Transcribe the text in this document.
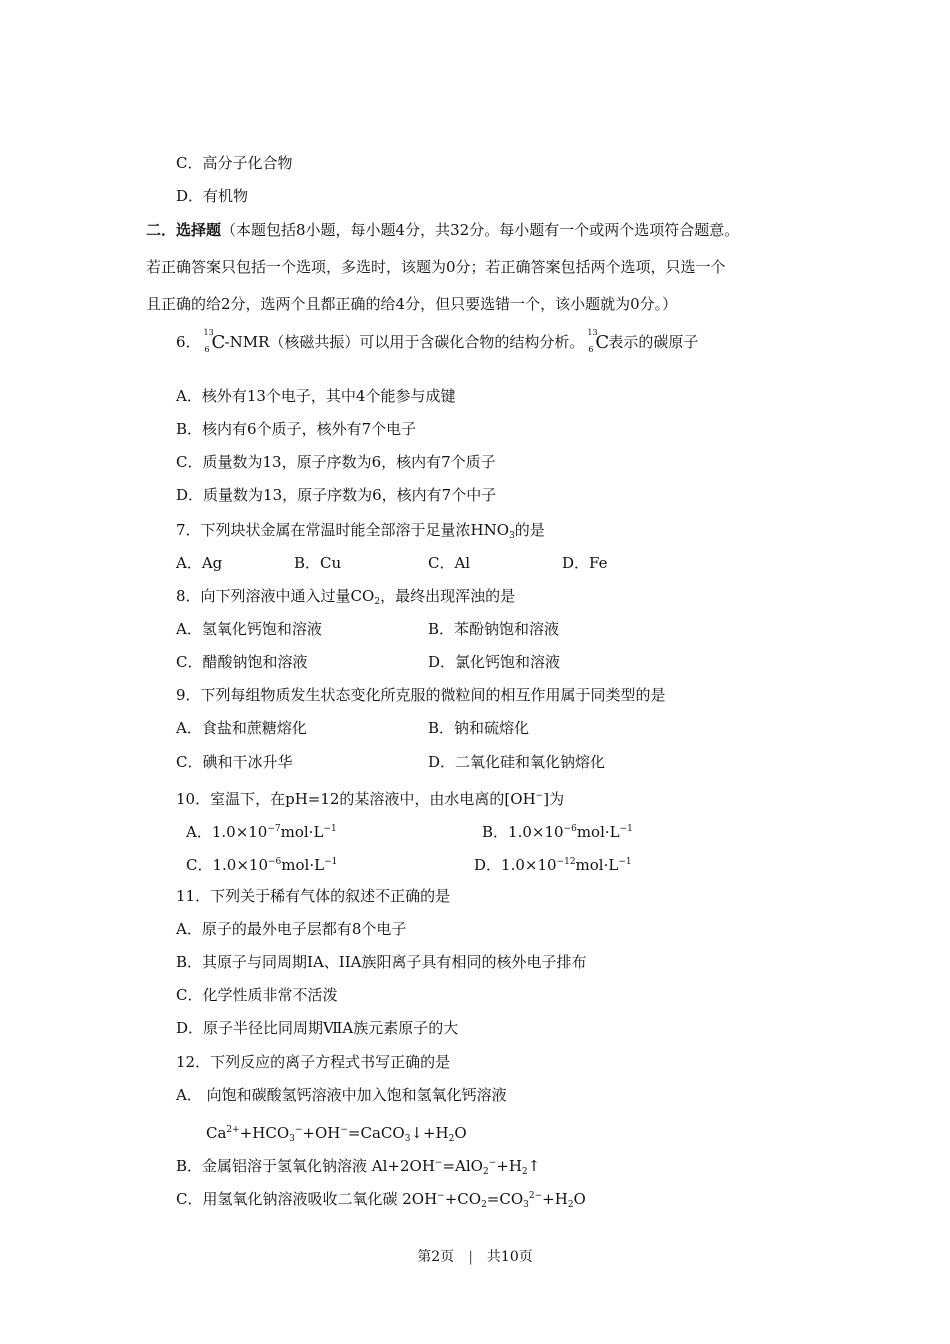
C．高分子化合物
D．有机物
二．选择题（本题包括8小题，每小题4分，共32分。每小题有一个或两个选项符合题意。
若正确答案只包括一个选项，多选时，该题为0分；若正确答案包括两个选项，只选一个
且正确的给2分，选两个且都正确的给4分，但只要选错一个，该小题就为0分。）
6．
13
6 C -NMR（核磁共振）可以用于含碳化合物的结构分析。
13
6 C 表示的碳原子
A．核外有13个电子，其中4个能参与成键
B．核内有6个质子，核外有7个电子
C．质量数为13，原子序数为6，核内有7个质子
D．质量数为13，原子序数为6，核内有7个中子
7．下列块状金属在常温时能全部溶于足量浓$HNO_3$的是
A．Ag	B．Cu	C．Al	D．Fe
8．向下列溶液中通入过量$CO_2$，最终出现浑浊的是
A．氢氧化钙饱和溶液	B．苯酚钠饱和溶液
C．醋酸钠饱和溶液	D．氯化钙饱和溶液
9．下列每组物质发生状态变化所克服的微粒间的相互作用属于同类型的是
A．食盐和蔗糖熔化	B．钠和硫熔化
C．碘和干冰升华	D．二氧化硅和氧化钠熔化
10．室温下，在pH=12的某溶液中，由水电离的[OH−]为
A．$1.0\times 10^{-7}mol\cdot L^{-1}$	B．$1.0\times 10^{-6}mol\cdot L^{-1}$
C．$1.0\times 10^{-6}mol\cdot L^{-1}$	D．$1.0\times 10^{-12}mol\cdot L^{-1}$
11．下列关于稀有气体的叙述不正确的是
A．原子的最外电子层都有8个电子
B．其原子与同周期IA、IIA族阳离子具有相同的核外电子排布
C．化学性质非常不活泼
D．原子半径比同周期ⅦA族元素原子的大
12．下列反应的离子方程式书写正确的是
A． 向饱和碳酸氢钙溶液中加入饱和氢氧化钙溶液
$Ca^{2+}+HCO_3^-+OH^-=CaCO_3↓+H_2O$
B．金属铝溶于氢氧化钠溶液 $Al+2OH^-=AlO_2^-+H_2↑$
C．用氢氧化钠溶液吸收二氧化碳 $2OH^-+CO_2=CO_3^{2-}+H_2O$
第2页 | 共10页
